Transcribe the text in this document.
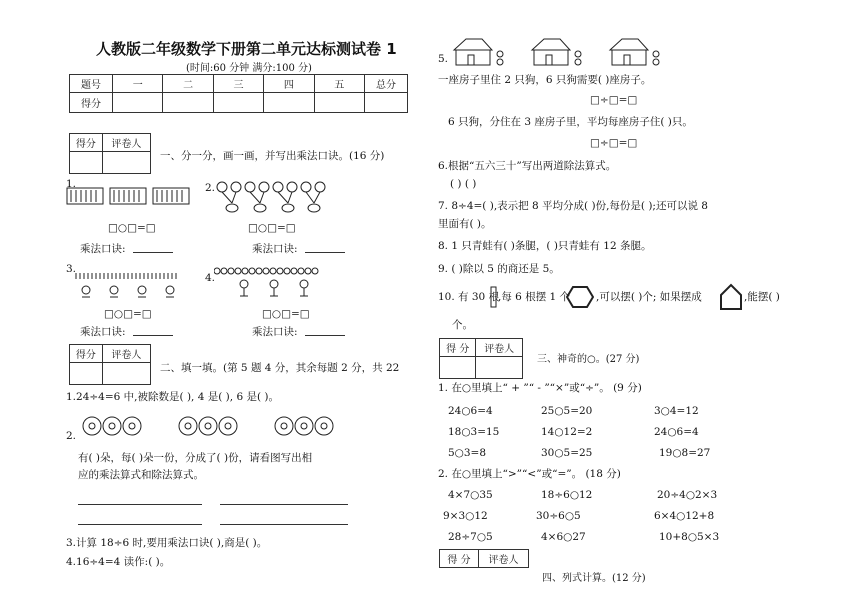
人教版二年级数学下册第二单元达标测试卷 1
(时间:60 分钟 满分:100 分)
题号	一	二	三	四	五	总分
得分						
得分	评卷人

一、分一分，画一画，并写出乘法口诀。(16 分)
1.
□○□=□
乘法口诀:
2.
□○□=□
乘法口诀:
3.
□○□=□
乘法口诀:
4.
□○□=□
乘法口诀:
得分	评卷人

二、填一填。(第 5 题 4 分，其余每题 2 分，共 22
1.24÷4=6 中,被除数是( ), 4 是( ), 6 是( )。
2.
有( )朵，每( )朵一份，分成了( )份，请看图写出相
应的乘法算式和除法算式。
3.计算 18÷6 时,要用乘法口诀( ),商是( )。
4.16÷4=4 读作:( )。
5.
一座房子里住 2 只狗，6 只狗需要( )座房子。
□÷□=□
6 只狗，分住在 3 座房子里，平均每座房子住( )只。
□÷□=□
6.根据“五六三十”写出两道除法算式。
( ) ( )
7. 8÷4=( ),表示把 8 平均分成( )份,每份是( );还可以说 8
里面有( )。
8. 1 只青蛙有( )条腿，( )只青蛙有 12 条腿。
9. ( )除以 5 的商还是 5。
10. 有 30 根
,每 6 根摆 1 个 ,可以摆( )个; 如果摆成	,能摆( )
个。
得 分	评卷人

三、神奇的○。(27 分)
1. 在○里填上“ + ”“ - ”“×”或“÷”。 (9 分)
24○6=4	25○5=20	3○4=12
18○3=15	14○12=2	24○6=4
5○3=8	30○5=25	19○8=27
2. 在○里填上“>”“<”或“=”。 (18 分)
4×7○35	18÷6○12	20÷4○2×3
9×3○12	30÷6○5	6×4○12+8
28÷7○5	4×6○27	10+8○5×3
得 分	评卷人
四、列式计算。(12 分)
